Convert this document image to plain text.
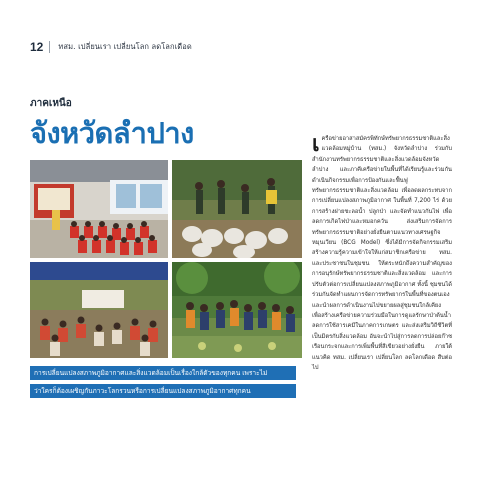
12 ทสม. เปลี่ยนเรา เปลี่ยนโลก ลดโลกเดือด
ภาคเหนือ
จังหวัดลำปาง
การเปลี่ยนแปลงสภาพภูมิอากาศและสิ่งแวดล้อมเป็นเรื่องใกล้ตัวของทุกคน เพราะไม่
ว่าใครก็ต้องเผชิญกับภาวะโลกรวนหรือการเปลี่ยนแปลงสภาพภูมิอากาศทุกคน
เ ครือข่ายอาสาสมัครพิทักษ์ทรัพยากรธรรมชาติและสิ่งแวดล้อมหมู่บ้าน (ทสม.) จังหวัดลำปาง ร่วมกับสำนักงานทรัพยากรธรรมชาติและสิ่งแวดล้อมจังหวัดลำปาง และภาคีเครือข่ายในพื้นที่ได้เรียนรู้และร่วมกันดำเนินกิจกรรมเพื่อการป้องกันและฟื้นฟูทรัพยากรธรรมชาติและสิ่งแวดล้อม เพื่อลดผลกระทบจากการเปลี่ยนแปลงสภาพภูมิอากาศ ในพื้นที่ 7,200 ไร่ ด้วยการสร้างฝายชะลอน้ำ ปลูกป่า และจัดทำแนวกันไฟ เพื่อลดการเกิดไฟป่าและหมอกควัน ส่งเสริมการจัดการทรัพยากรธรรมชาติอย่างยั่งยืนตามแนวทางเศรษฐกิจหมุนเวียน (BCG Model) ซึ่งได้มีการจัดกิจกรรมเสริมสร้างความรู้ความเข้าใจให้แก่สมาชิกเครือข่าย ทสม. และประชาชนในชุมชน ให้ตระหนักถึงความสำคัญของการอนุรักษ์ทรัพยากรธรรมชาติและสิ่งแวดล้อม และการปรับตัวต่อการเปลี่ยนแปลงสภาพภูมิอากาศ ทั้งนี้ ชุมชนได้ร่วมกันจัดทำแผนการจัดการทรัพยากรในพื้นที่ของตนเอง และนำผลการดำเนินงานไปขยายผลสู่ชุมชนใกล้เคียง เพื่อสร้างเครือข่ายความร่วมมือในการดูแลรักษาป่าต้นน้ำ ลดการใช้สารเคมีในภาคการเกษตร และส่งเสริมวิถีชีวิตที่เป็นมิตรกับสิ่งแวดล้อม อันจะนำไปสู่การลดการปล่อยก๊าซเรือนกระจกและการเพิ่มพื้นที่สีเขียวอย่างยั่งยืน ภายใต้แนวคิด ทสม. เปลี่ยนเรา เปลี่ยนโลก ลดโลกเดือด สืบต่อไป
